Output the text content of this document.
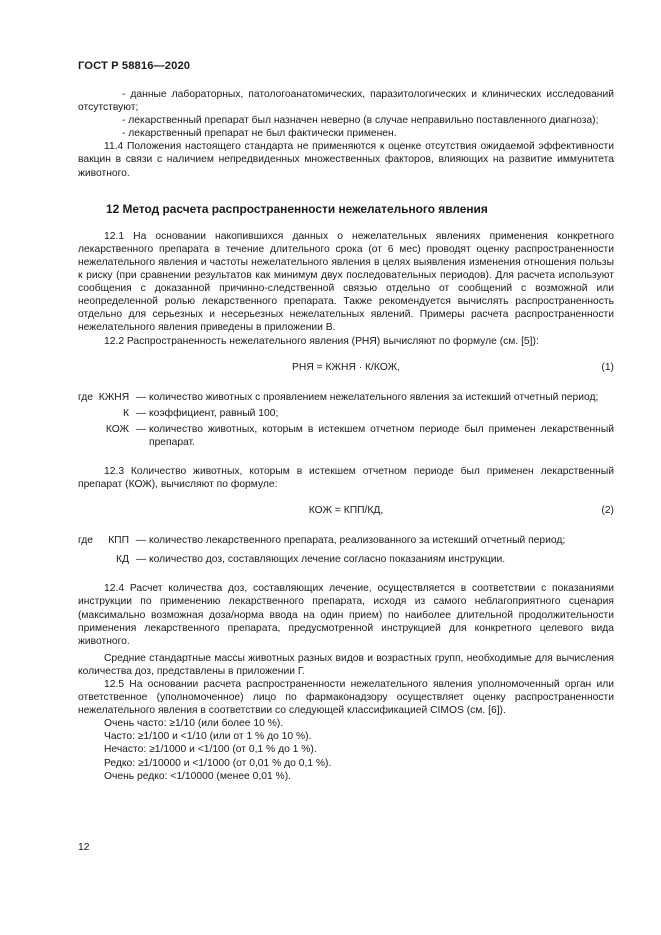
ГОСТ Р 58816—2020

- данные лабораторных, патологоанатомических, паразитологических и клинических исследований отсутствуют;

- лекарственный препарат был назначен неверно (в случае неправильно поставленного диагноза);

- лекарственный препарат не был фактически применен.

11.4 Положения настоящего стандарта не применяются к оценке отсутствия ожидаемой эффективности вакцин в связи с наличием непредвиденных множественных факторов, влияющих на развитие иммунитета животного.

12 Метод расчета распространенности нежелательного явления

12.1 На основании накопившихся данных о нежелательных явлениях применения конкретного лекарственного препарата в течение длительного срока (от 6 мес) проводят оценку распространенности нежелательного явления и частоты нежелательного явления в целях выявления изменения отношения пользы к риску (при сравнении результатов как минимум двух последовательных периодов). Для расчета используют сообщения с доказанной причинно-следственной связью отдельно от сообщений с возможной или неопределенной ролью лекарственного препарата. Также рекомендуется вычислять распространенность отдельно для серьезных и несерьезных нежелательных явлений. Примеры расчета распространенности нежелательного явления приведены в приложении В.

12.2 Распространенность нежелательного явления (РНЯ) вычисляют по формуле (см. [5]):

РНЯ = КЖНЯ · К/КОЖ,	(1)
где КЖНЯ — количество животных с проявлением нежелательного явления за истекший отчетный период;
К — коэффициент, равный 100;
КОЖ — количество животных, которым в истекшем отчетном периоде был применен лекарственный препарат.

12.3 Количество животных, которым в истекшем отчетном периоде был применен лекарственный препарат (КОЖ), вычисляют по формуле:

КОЖ = КПП/КД,	(2)
где КПП — количество лекарственного препарата, реализованного за истекший отчетный период;
КД — количество доз, составляющих лечение согласно показаниям инструкции.

12.4 Расчет количества доз, составляющих лечение, осуществляется в соответствии с показаниями инструкции по применению лекарственного препарата, исходя из самого неблагоприятного сценария (максимально возможная доза/норма ввода на один прием) по наиболее длительной продолжительности применения лекарственного препарата, предусмотренной инструкцией для конкретного целевого вида животного.

Средние стандартные массы животных разных видов и возрастных групп, необходимые для вычисления количества доз, представлены в приложении Г.

12.5 На основании расчета распространенности нежелательного явления уполномоченный орган или ответственное (уполномоченное) лицо по фармаконадзору осуществляет оценку распространенности нежелательного явления в соответствии со следующей классификацией CIMOS (см. [6]).

Очень часто: ≥1/10 (или более 10 %).

Часто: ≥1/100 и <1/10 (или от 1 % до 10 %).

Нечасто: ≥1/1000 и <1/100 (от 0,1 % до 1 %).

Редко: ≥1/10000 и <1/1000 (от 0,01 % до 0,1 %).

Очень редко: <1/10000 (менее 0,01 %).

12
